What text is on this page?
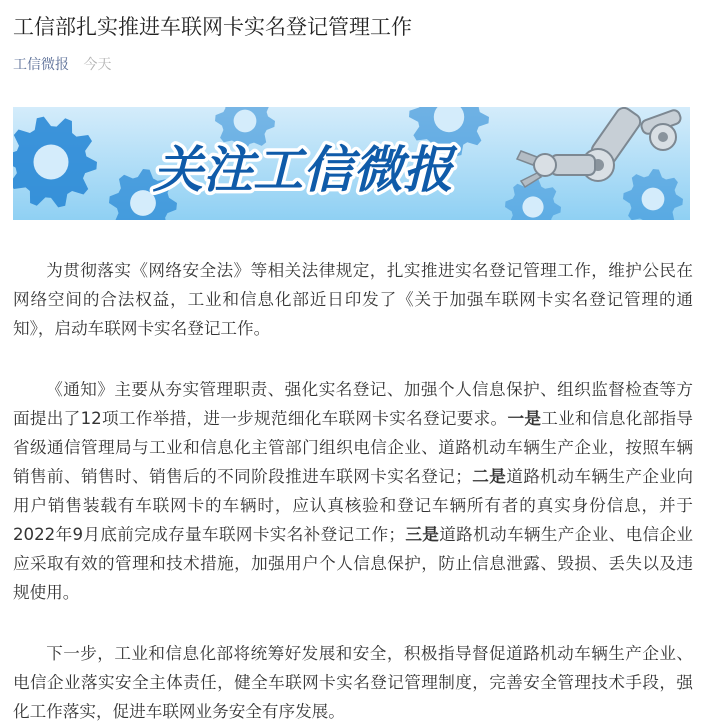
工信部扎实推进车联网卡实名登记管理工作
工信微报 今天
关注工信微报

为贯彻落实《网络安全法》等相关法律规定，扎实推进实名登记管理工作，维护公民在网络空间的合法权益，工业和信息化部近日印发了《关于加强车联网卡实名登记管理的通知》，启动车联网卡实名登记工作。

《通知》主要从夯实管理职责、强化实名登记、加强个人信息保护、组织监督检查等方面提出了12项工作举措，进一步规范细化车联网卡实名登记要求。一是工业和信息化部指导省级通信管理局与工业和信息化主管部门组织电信企业、道路机动车辆生产企业，按照车辆销售前、销售时、销售后的不同阶段推进车联网卡实名登记；二是道路机动车辆生产企业向用户销售装载有车联网卡的车辆时，应认真核验和登记车辆所有者的真实身份信息，并于2022年9月底前完成存量车联网卡实名补登记工作；三是道路机动车辆生产企业、电信企业应采取有效的管理和技术措施，加强用户个人信息保护，防止信息泄露、毁损、丢失以及违规使用。

下一步，工业和信息化部将统筹好发展和安全，积极指导督促道路机动车辆生产企业、电信企业落实安全主体责任，健全车联网卡实名登记管理制度，完善安全管理技术手段，强化工作落实，促进车联网业务安全有序发展。
